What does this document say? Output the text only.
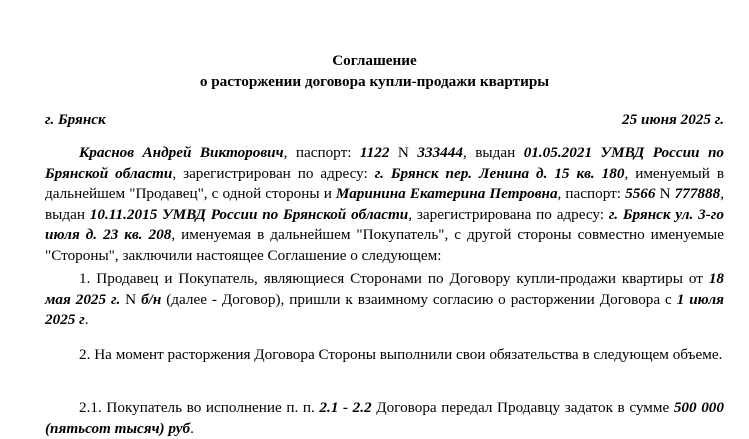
Соглашение

о расторжении договора купли-продажи квартиры

г. Брянск	25 июня 2025 г.

Краснов Андрей Викторович, паспорт: 1122 N 333444, выдан 01.05.2021 УМВД России по Брянской области, зарегистрирован по адресу: г. Брянск пер. Ленина д. 15 кв. 180, именуемый в дальнейшем "Продавец", с одной стороны и Маринина Екатерина Петровна, паспорт: 5566 N 777888, выдан 10.11.2015 УМВД России по Брянской области, зарегистрирована по адресу: г. Брянск ул. 3-го июля д. 23 кв. 208, именуемая в дальнейшем "Покупатель", с другой стороны совместно именуемые "Стороны", заключили настоящее Соглашение о следующем:

1. Продавец и Покупатель, являющиеся Сторонами по Договору купли-продажи квартиры от 18 мая 2025 г. N б/н (далее - Договор), пришли к взаимному согласию о расторжении Договора с 1 июля 2025 г.

2. На момент расторжения Договора Стороны выполнили свои обязательства в следующем объеме.

2.1. Покупатель во исполнение п. п. 2.1 - 2.2 Договора передал Продавцу задаток в сумме 500 000 (пятьсот тысяч) руб.
